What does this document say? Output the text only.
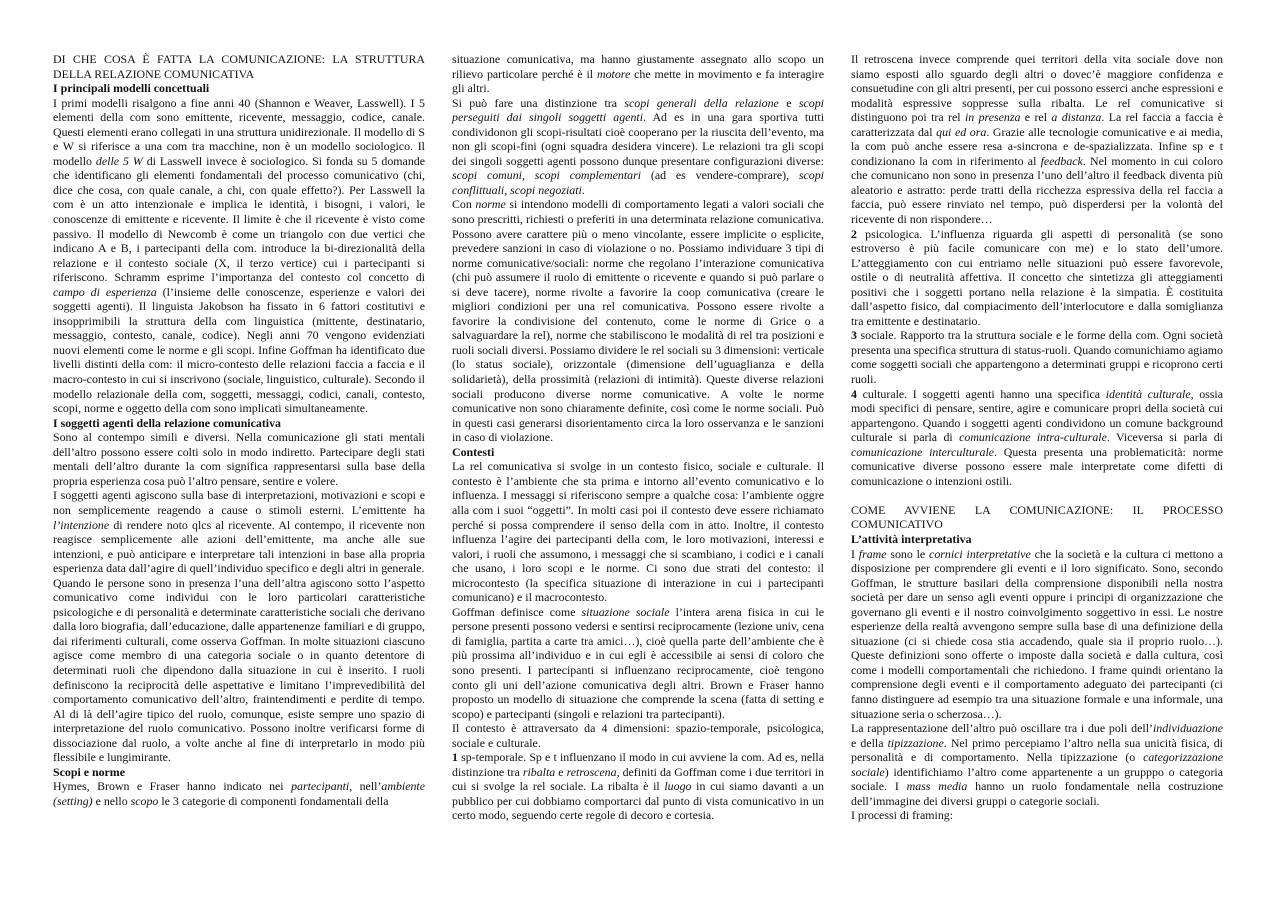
DI CHE COSA È FATTA LA COMUNICAZIONE: LA STRUTTURA DELLA RELAZIONE COMUNICATIVA

I principali modelli concettuali

I primi modelli risalgono a fine anni 40 (Shannon e Weaver, Lasswell). I 5 elementi della com sono emittente, ricevente, messaggio, codice, canale. Questi elementi erano collegati in una struttura unidirezionale. Il modello di S e W si riferisce a una com tra macchine, non è un modello sociologico. Il modello delle 5 W di Lasswell invece è sociologico. Si fonda su 5 domande che identificano gli elementi fondamentali del processo comunicativo (chi, dice che cosa, con quale canale, a chi, con quale effetto?). Per Lasswell la com è un atto intenzionale e implica le identità, i bisogni, i valori, le conoscenze di emittente e ricevente. Il limite è che il ricevente è visto come passivo. Il modello di Newcomb è come un triangolo con due vertici che indicano A e B, i partecipanti della com. introduce la bi-direzionalità della relazione e il contesto sociale (X, il terzo vertice) cui i partecipanti si riferiscono. Schramm esprime l’importanza del contesto col concetto di campo di esperienza (l’insieme delle conoscenze, esperienze e valori dei soggetti agenti). Il linguista Jakobson ha fissato in 6 fattori costitutivi e insopprimibili la struttura della com linguistica (mittente, destinatario, messaggio, contesto, canale, codice). Negli anni 70 vengono evidenziati nuovi elementi come le norme e gli scopi. Infine Goffman ha identificato due livelli distinti della com: il micro-contesto delle relazioni faccia a faccia e il macro-contesto in cui si inscrivono (sociale, linguistico, culturale). Secondo il modello relazionale della com, soggetti, messaggi, codici, canali, contesto, scopi, norme e oggetto della com sono implicati simultaneamente.

I soggetti agenti della relazione comunicativa

Sono al contempo simili e diversi. Nella comunicazione gli stati mentali dell’altro possono essere colti solo in modo indiretto. Partecipare degli stati mentali dell’altro durante la com significa rappresentarsi sulla base della propria esperienza cosa può l’altro pensare, sentire e volere.

I soggetti agenti agiscono sulla base di interpretazioni, motivazioni e scopi e non semplicemente reagendo a cause o stimoli esterni. L’emittente ha l’intenzione di rendere noto qlcs al ricevente. Al contempo, il ricevente non reagisce semplicemente alle azioni dell’emittente, ma anche alle sue intenzioni, e può anticipare e interpretare tali intenzioni in base alla propria esperienza data dall’agire di quell’individuo specifico e degli altri in generale.

Quando le persone sono in presenza l’una dell’altra agiscono sotto l’aspetto comunicativo come individui con le loro particolari caratteristiche psicologiche e di personalità e determinate caratteristiche sociali che derivano dalla loro biografia, dall’educazione, dalle appartenenze familiari e di gruppo, dai riferimenti culturali, come osserva Goffman. In molte situazioni ciascuno agisce come membro di una categoria sociale o in quanto detentore di determinati ruoli che dipendono dalla situazione in cui è inserito. I ruoli definiscono la reciprocità delle aspettative e limitano l’imprevedibilità del comportamento comunicativo dell’altro, fraintendimenti e perdite di tempo. Al di là dell’agire tipico del ruolo, comunque, esiste sempre uno spazio di interpretazione del ruolo comunicativo. Possono inoltre verificarsi forme di dissociazione dal ruolo, a volte anche al fine di interpretarlo in modo più flessibile e lungimirante.

Scopi e norme

Hymes, Brown e Fraser hanno indicato nei partecipanti, nell’ambiente (setting) e nello scopo le 3 categorie di componenti fondamentali della

situazione comunicativa, ma hanno giustamente assegnato allo scopo un rilievo particolare perché è il motore che mette in movimento e fa interagire gli altri.

Si può fare una distinzione tra scopi generali della relazione e scopi perseguiti dai singoli soggetti agenti. Ad es in una gara sportiva tutti condividonon gli scopi-risultati cioè cooperano per la riuscita dell’evento, ma non gli scopi-fini (ogni squadra desidera vincere). Le relazioni tra gli scopi dei singoli soggetti agenti possono dunque presentare configurazioni diverse: scopi comuni, scopi complementari (ad es vendere-comprare), scopi conflittuali, scopi negoziati.

Con norme si intendono modelli di comportamento legati a valori sociali che sono prescritti, richiesti o preferiti in una determinata relazione comunicativa. Possono avere carattere più o meno vincolante, essere implicite o esplicite, prevedere sanzioni in caso di violazione o no. Possiamo individuare 3 tipi di norme comunicative/sociali: norme che regolano l’interazione comunicativa (chi può assumere il ruolo di emittente o ricevente e quando si può parlare o si deve tacere), norme rivolte a favorire la coop comunicativa (creare le migliori condizioni per una rel comunicativa. Possono essere rivolte a favorire la condivisione del contenuto, come le norme di Grice o a salvaguardare la rel), norme che stabiliscono le modalità di rel tra posizioni e ruoli sociali diversi. Possiamo dividere le rel sociali su 3 dimensioni: verticale (lo status sociale), orizzontale (dimensione dell’uguaglianza e della solidarietà), della prossimità (relazioni di intimità). Queste diverse relazioni sociali producono diverse norme comunicative. A volte le norme comunicative non sono chiaramente definite, così come le norme sociali. Può in questi casi generarsi disorientamento circa la loro osservanza e le sanzioni in caso di violazione.

Contesti

La rel comunicativa si svolge in un contesto fisico, sociale e culturale. Il contesto è l’ambiente che sta prima e intorno all’evento comunicativo e lo influenza. I messaggi si riferiscono sempre a qualche cosa: l’ambiente oggre alla com i suoi “oggetti”. In molti casi poi il contesto deve essere richiamato perché si possa comprendere il senso della com in atto. Inoltre, il contesto influenza l’agire dei partecipanti della com, le loro motivazioni, interessi e valori, i ruoli che assumono, i messaggi che si scambiano, i codici e i canali che usano, i loro scopi e le norme. Ci sono due strati del contesto: il microcontesto (la specifica situazione di interazione in cui i partecipanti comunicano) e il macrocontesto.

Goffman definisce come situazione sociale l’intera arena fisica in cui le persone presenti possono vedersi e sentirsi reciprocamente (lezione univ, cena di famiglia, partita a carte tra amici…), cioè quella parte dell’ambiente che è più prossima all’individuo e in cui egli è accessibile ai sensi di coloro che sono presenti. I partecipanti si influenzano reciprocamente, cioè tengono conto gli uni dell’azione comunicativa degli altri. Brown e Fraser hanno proposto un modello di situazione che comprende la scena (fatta di setting e scopo) e partecipanti (singoli e relazioni tra partecipanti).

Il contesto è attraversato da 4 dimensioni: spazio-temporale, psicologica, sociale e culturale.

1 sp-temporale. Sp e t influenzano il modo in cui avviene la com. Ad es, nella distinzione tra ribalta e retroscena, definiti da Goffman come i due territori in cui si svolge la rel sociale. La ribalta è il luogo in cui siamo davanti a un pubblico per cui dobbiamo comportarci dal punto di vista comunicativo in un certo modo, seguendo certe regole di decoro e cortesia.

Il retroscena invece comprende quei territori della vita sociale dove non siamo esposti allo sguardo degli altri o dovec’è maggiore confidenza e consuetudine con gli altri presenti, per cui possono esserci anche espressioni e modalità espressive soppresse sulla ribalta. Le rel comunicative si distinguono poi tra rel in presenza e rel a distanza. La rel faccia a faccia è caratterizzata dal qui ed ora. Grazie alle tecnologie comunicative e ai media, la com può anche essere resa a-sincrona e de-spazializzata. Infine sp e t condizionano la com in riferimento al feedback. Nel momento in cui coloro che comunicano non sono in presenza l’uno dell’altro il feedback diventa più aleatorio e astratto: perde tratti della ricchezza espressiva della rel faccia a faccia, può essere rinviato nel tempo, può disperdersi per la volontà del ricevente di non rispondere…

2 psicologica. L’influenza riguarda gli aspetti di personalità (se sono estroverso è più facile comunicare con me) e lo stato dell’umore. L’atteggiamento con cui entriamo nelle situazioni può essere favorevole, ostile o di neutralità affettiva. Il concetto che sintetizza gli atteggiamenti positivi che i soggetti portano nella relazione è la simpatia. È costituita dall’aspetto fisico, dal compiacimento dell’interlocutore e dalla somiglianza tra emittente e destinatario.

3 sociale. Rapporto tra la struttura sociale e le forme della com. Ogni società presenta una specifica struttura di status-ruoli. Quando comunichiamo agiamo come soggetti sociali che appartengono a determinati gruppi e ricoprono certi ruoli.

4 culturale. I soggetti agenti hanno una specifica identità culturale, ossia modi specifici di pensare, sentire, agire e comunicare propri della società cui appartengono. Quando i soggetti agenti condividono un comune background culturale si parla di comunicazione intra-culturale. Viceversa si parla di comunicazione interculturale. Questa presenta una problematicità: norme comunicative diverse possono essere male interpretate come difetti di comunicazione o intenzioni ostili.

COME AVVIENE LA COMUNICAZIONE: IL PROCESSO COMUNICATIVO

L’attività interpretativa

I frame sono le cornici interpretative che la società e la cultura ci mettono a disposizione per comprendere gli eventi e il loro significato. Sono, secondo Goffman, le strutture basilari della comprensione disponibili nella nostra società per dare un senso agli eventi oppure i principi di organizzazione che governano gli eventi e il nostro coinvolgimento soggettivo in essi. Le nostre esperienze della realtà avvengono sempre sulla base di una definizione della situazione (ci si chiede cosa stia accadendo, quale sia il proprio ruolo…). Queste definizioni sono offerte o imposte dalla società e dalla cultura, così come i modelli comportamentali che richiedono. I frame quindi orientano la comprensione degli eventi e il comportamento adeguato dei partecipanti (ci fanno distinguere ad esempio tra una situazione formale e una informale, una situazione seria o scherzosa…).

La rappresentazione dell’altro può oscillare tra i due poli dell’individuazione e della tipizzazione. Nel primo percepiamo l’altro nella sua unicità fisica, di personalità e di comportamento. Nella tipizzazione (o categorizzazione sociale) identifichiamo l’altro come appartenente a un grupppo o categoria sociale. I mass media hanno un ruolo fondamentale nella costruzione dell’immagine dei diversi gruppi o categorie sociali.

I processi di framing:
